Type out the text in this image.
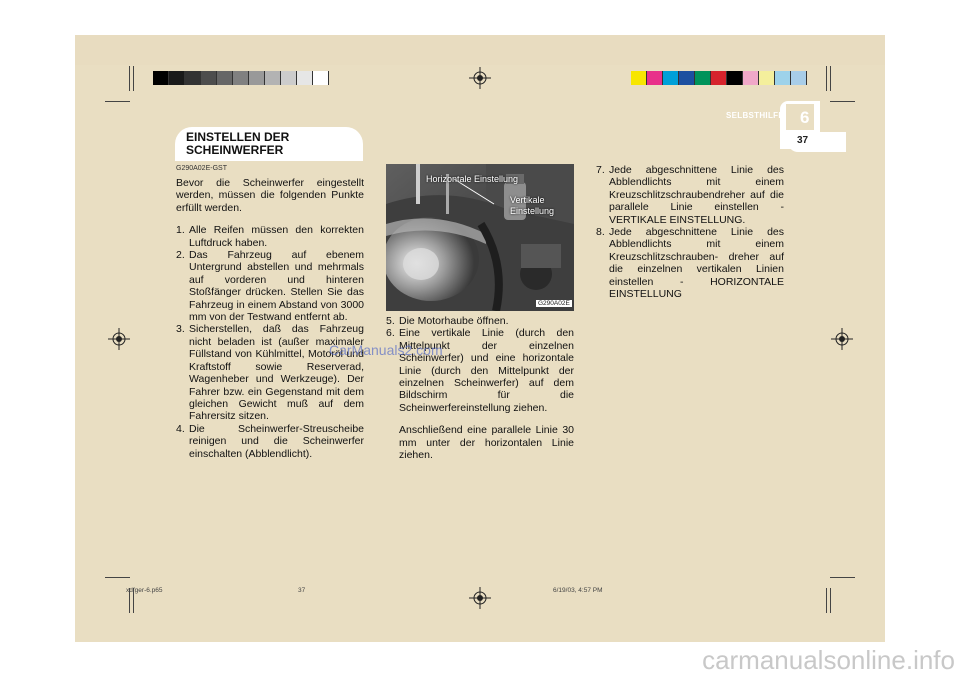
6
SELBSTHILFE
37
EINSTELLEN DER SCHEINWERFER
G290A02E-GST

Bevor die Scheinwerfer eingestellt werden, müssen die folgenden Punkte erfüllt werden.

1. Alle Reifen müssen den korrekten Luftdruck haben.
2. Das Fahrzeug auf ebenem Untergrund abstellen und mehrmals auf vorderen und hinteren Stoßfänger drücken. Stellen Sie das Fahrzeug in einem Abstand von 3000 mm von der Testwand entfernt ab.
3. Sicherstellen, daß das Fahrzeug nicht beladen ist (außer maximaler Füllstand von Kühlmittel, Motoröl und Kraftstoff sowie Reserverad, Wagenheber und Werkzeuge). Der Fahrer bzw. ein Gegenstand mit dem gleichen Gewicht muß auf dem Fahrersitz sitzen.
4. Die Scheinwerfer-Streuscheibe reinigen und die Scheinwerfer einschalten (Abblendlicht).
Horizontale Einstellung
Vertikale Einstellung
G290A02E
5. Die Motorhaube öffnen.
6. Eine vertikale Linie (durch den Mittelpunkt der einzelnen Scheinwerfer) und eine horizontale Linie (durch den Mittelpunkt der einzelnen Scheinwerfer) auf dem Bildschirm für die Scheinwerfereinstellung ziehen.

Anschließend eine parallele Linie 30 mm unter der horizontalen Linie ziehen.

7. Jede abgeschnittene Linie des Abblendlichts mit einem Kreuzschlitzschraubendreher auf die parallele Linie einstellen - VERTIKALE EINSTELLUNG.
8. Jede abgeschnittene Linie des Abblendlichts mit einem Kreuzschlitzschrauben- dreher auf die einzelnen vertikalen Linien einstellen - HORIZONTALE EINSTELLUNG
CarManuals2.com
xdfger-6.p65	37	6/19/03, 4:57 PM
carmanualsonline.info
